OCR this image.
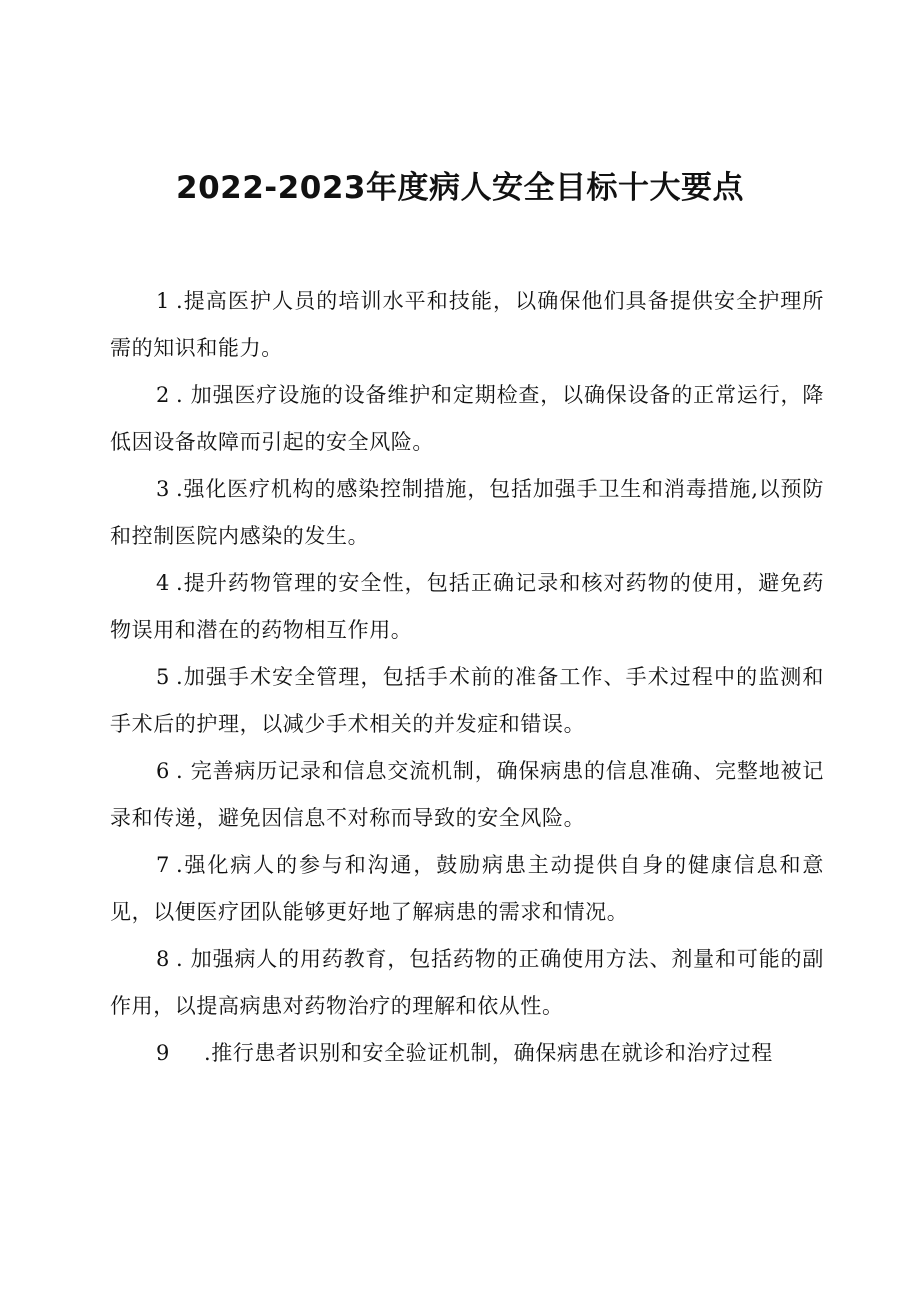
2022-2023年度病人安全目标十大要点
1 .提高医护人员的培训水平和技能，以确保他们具备提供安全护理所需的知识和能力。
2 . 加强医疗设施的设备维护和定期检查，以确保设备的正常运行，降低因设备故障而引起的安全风险。
3 .强化医疗机构的感染控制措施，包括加强手卫生和消毒措施,以预防和控制医院内感染的发生。
4 .提升药物管理的安全性，包括正确记录和核对药物的使用，避免药物误用和潜在的药物相互作用。
5 .加强手术安全管理，包括手术前的准备工作、手术过程中的监测和手术后的护理，以减少手术相关的并发症和错误。
6 . 完善病历记录和信息交流机制，确保病患的信息准确、完整地被记录和传递，避免因信息不对称而导致的安全风险。
7 .强化病人的参与和沟通，鼓励病患主动提供自身的健康信息和意见，以便医疗团队能够更好地了解病患的需求和情况。
8 . 加强病人的用药教育，包括药物的正确使用方法、剂量和可能的副作用，以提高病患对药物治疗的理解和依从性。
9 .推行患者识别和安全验证机制，确保病患在就诊和治疗过程
